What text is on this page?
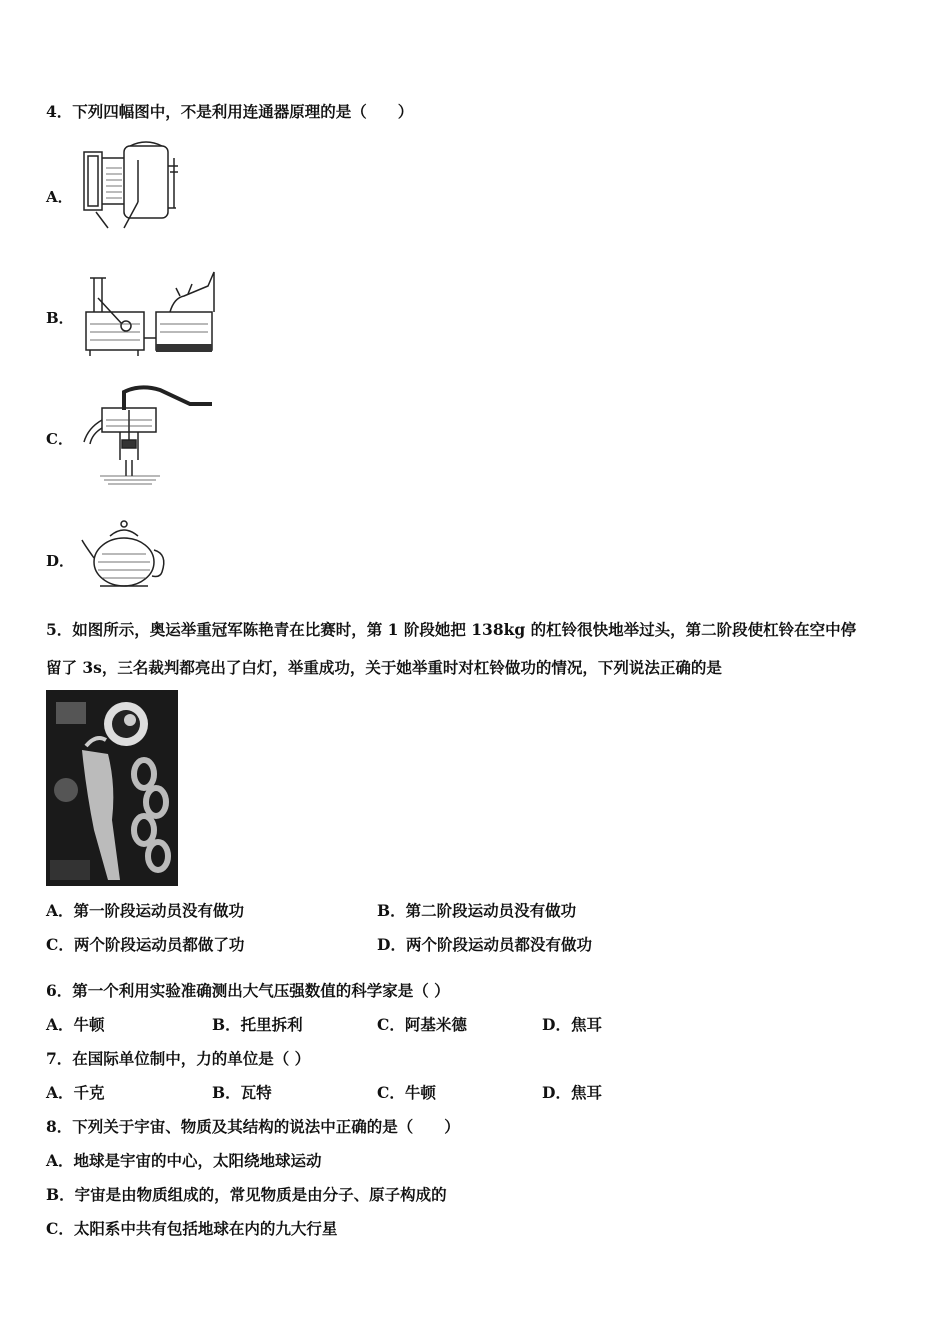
4．下列四幅图中，不是利用连通器原理的是（　　）
A．
B．
C．
D．
5．如图所示，奥运举重冠军陈艳青在比赛时，第 1 阶段她把 138kg 的杠铃很快地举过头，第二阶段使杠铃在空中停
留了 3s，三名裁判都亮出了白灯，举重成功，关于她举重时对杠铃做功的情况，下列说法正确的是
A．第一阶段运动员没有做功	B．第二阶段运动员没有做功
C．两个阶段运动员都做了功	D．两个阶段运动员都没有做功
6．第一个利用实验准确测出大气压强数值的科学家是（ ）
A．牛顿	B．托里拆利	C．阿基米德	D．焦耳
7．在国际单位制中，力的单位是（ ）
A．千克	B．瓦特	C．牛顿	D．焦耳
8．下列关于宇宙、物质及其结构的说法中正确的是（　　）
A．地球是宇宙的中心，太阳绕地球运动
B．宇宙是由物质组成的，常见物质是由分子、原子构成的
C．太阳系中共有包括地球在内的九大行星
